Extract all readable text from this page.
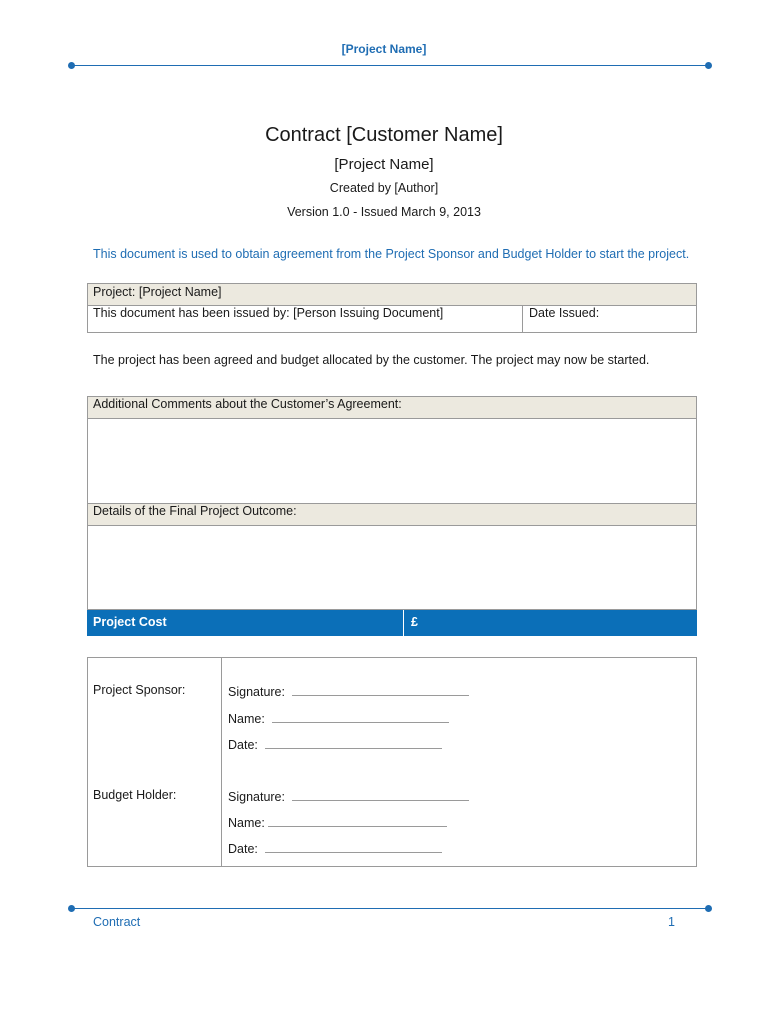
[Project Name]
Contract [Customer Name]
[Project Name]
Created by [Author]
Version 1.0 - Issued March 9, 2013
This document is used to obtain agreement from the Project Sponsor and Budget Holder to start the project.
Project: [Project Name]
This document has been issued by: [Person Issuing Document]	Date Issued:
The project has been agreed and budget allocated by the customer. The project may now be started.
Additional Comments about the Customer’s Agreement:
Details of the Final Project Outcome:
Project Cost	£
Project Sponsor:	Signature:
Name:
Date:
Budget Holder:	Signature:
Name:
Date:
Contract	1
